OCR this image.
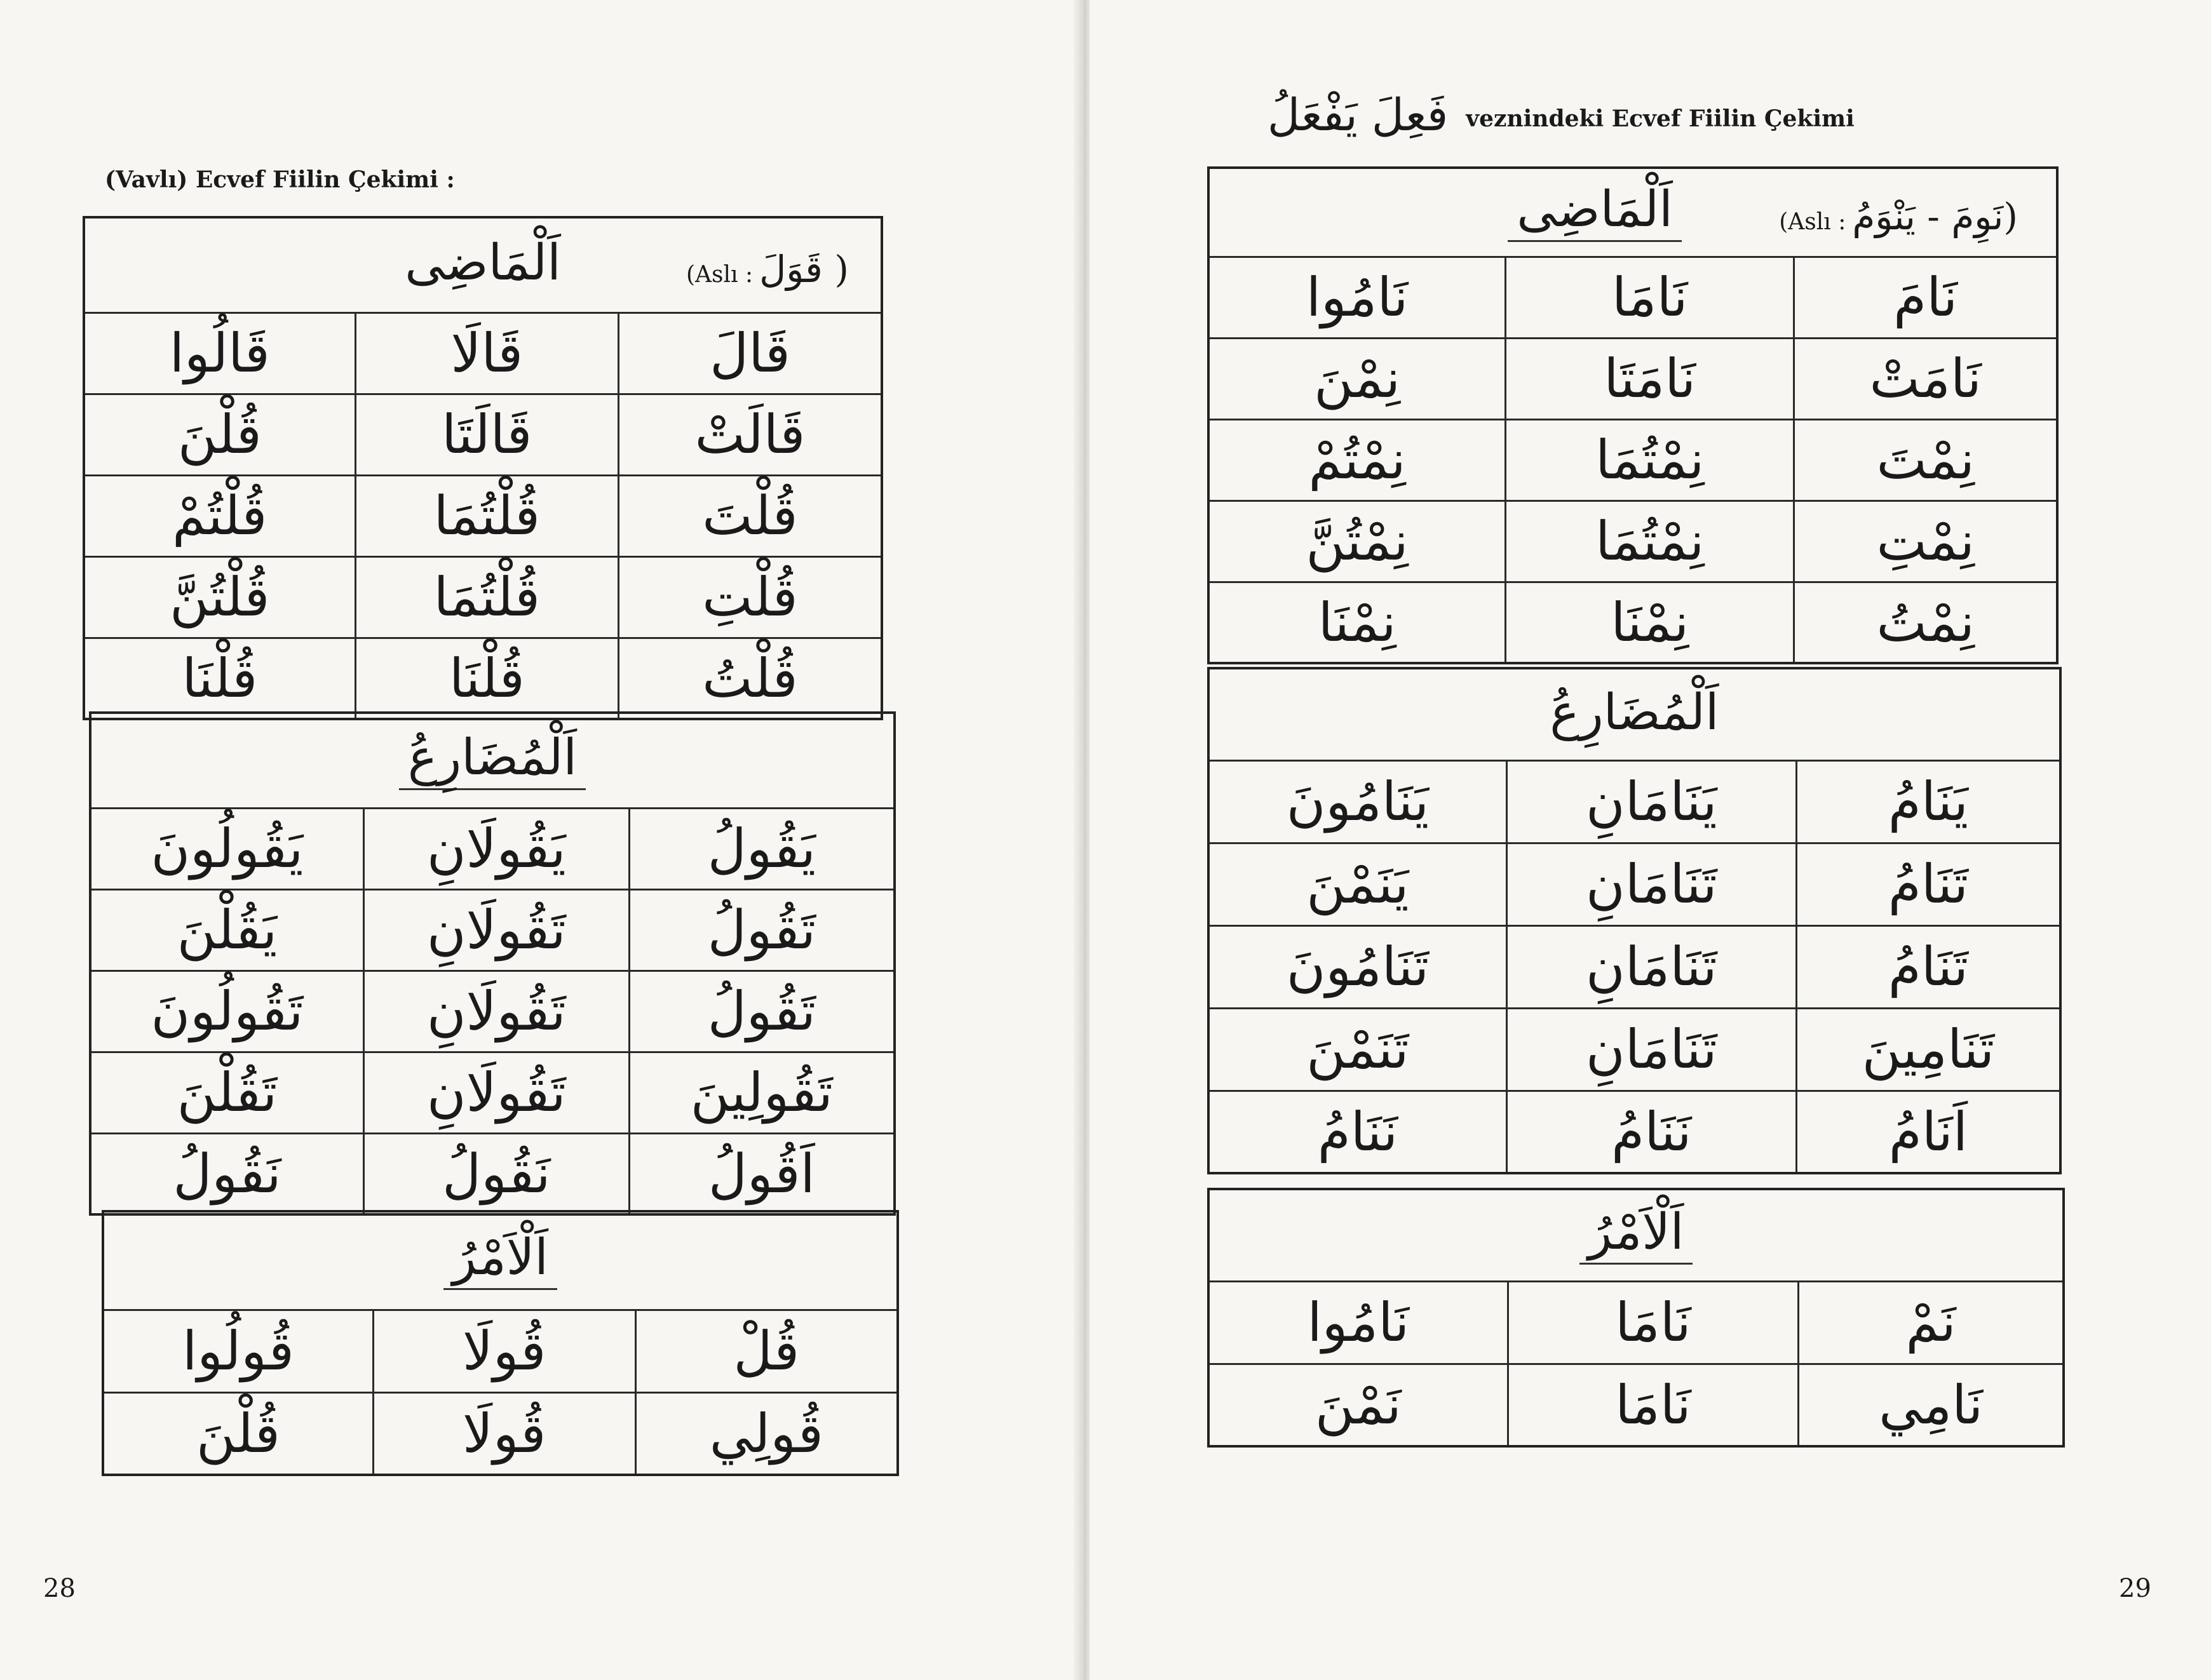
(Vavlı) Ecvef Fiilin Çekimi :
اَلْمَاضِى (Aslı : قَوَلَ )		

قَالُوا	قَالَا	قَالَ

قُلْنَ	قَالَتَا	قَالَتْ

قُلْتُمْ	قُلْتُمَا	قُلْتَ

قُلْتُنَّ	قُلْتُمَا	قُلْتِ

قُلْنَا	قُلْنَا	قُلْتُ
اَلْمُضَارِعُ		

يَقُولُونَ	يَقُولَانِ	يَقُولُ

يَقُلْنَ	تَقُولَانِ	تَقُولُ

تَقُولُونَ	تَقُولَانِ	تَقُولُ

تَقُلْنَ	تَقُولَانِ	تَقُولِينَ

نَقُولُ	نَقُولُ	اَقُولُ
اَلْاَمْرُ		

قُولُوا	قُولَا	قُلْ

قُلْنَ	قُولَا	قُولِي
28
فَعِلَ يَفْعَلُ veznindeki Ecvef Fiilin Çekimi
اَلْمَاضِى (Aslı : نَوِمَ - يَنْوَمُ)		

نَامُوا	نَامَا	نَامَ

نِمْنَ	نَامَتَا	نَامَتْ

نِمْتُمْ	نِمْتُمَا	نِمْتَ

نِمْتُنَّ	نِمْتُمَا	نِمْتِ

نِمْنَا	نِمْنَا	نِمْتُ
اَلْمُضَارِعُ		

يَنَامُونَ	يَنَامَانِ	يَنَامُ

يَنَمْنَ	تَنَامَانِ	تَنَامُ

تَنَامُونَ	تَنَامَانِ	تَنَامُ

تَنَمْنَ	تَنَامَانِ	تَنَامِينَ

نَنَامُ	نَنَامُ	اَنَامُ
اَلْاَمْرُ		

نَامُوا	نَامَا	نَمْ

نَمْنَ	نَامَا	نَامِي
29
